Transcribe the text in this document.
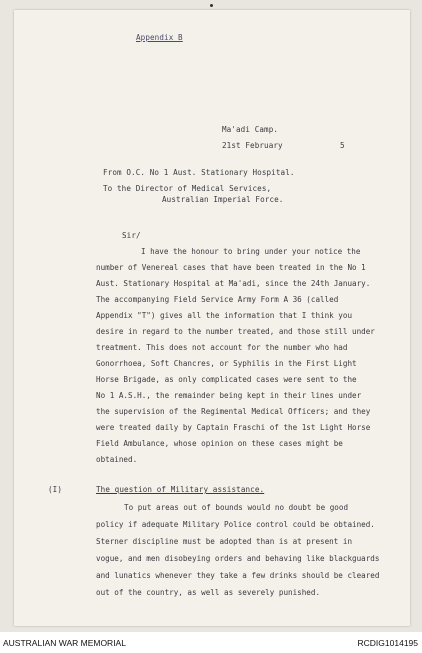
Appendix B
Ma'adi Camp.
21st February	5
From O.C. No 1 Aust. Stationary Hospital.
To the Director of Medical Services,
Australian Imperial Force.
Sir/
I have the honour to bring under your notice the
number of Venereal cases that have been treated in the No 1
Aust. Stationary Hospital at Ma'adi, since the 24th January.
The accompanying Field Service Army Form A 36 (called
Appendix "T") gives all the information that I think you
desire in regard to the number treated, and those still under
treatment. This does not account for the number who had
Gonorrhoea, Soft Chancres, or Syphilis in the First Light
Horse Brigade, as only complicated cases were sent to the
No 1 A.S.H., the remainder being kept in their lines under
the supervision of the Regimental Medical Officers; and they
were treated daily by Captain Fraschi of the 1st Light Horse
Field Ambulance, whose opinion on these cases might be
obtained.
(I)	The question of Military assistance.
To put areas out of bounds would no doubt be good
policy if adequate Military Police control could be obtained.
Sterner discipline must be adopted than is at present in
vogue, and men disobeying orders and behaving like blackguards
and lunatics whenever they take a few drinks should be cleared
out of the country, as well as severely punished.
AUSTRALIAN WAR MEMORIAL	RCDIG1014195
